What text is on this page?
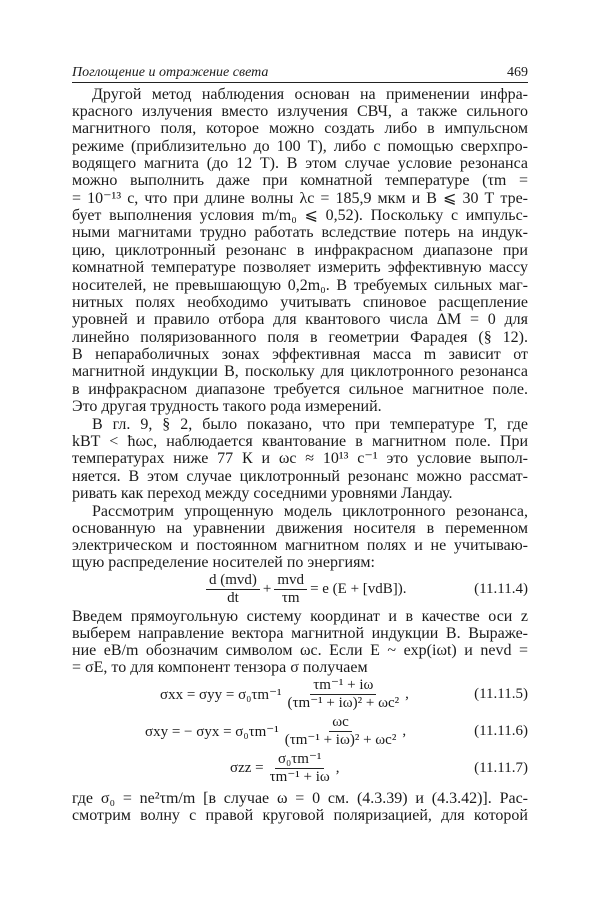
Поглощение и отражение света	469
Другой метод наблюдения основан на применении инфра-
красного излучения вместо излучения СВЧ, а также сильного
магнитного поля, которое можно создать либо в импульсном
режиме (приблизительно до 100 Т), либо с помощью сверхпро-
водящего магнита (до 12 Т). В этом случае условие резонанса
можно выполнить даже при комнатной температуре (τm =
= 10⁻¹³ с, что при длине волны λc = 185,9 мкм и B ⩽ 30 Т тре-
бует выполнения условия m/m₀ ⩽ 0,52). Поскольку с импульс-
ными магнитами трудно работать вследствие потерь на индук-
цию, циклотронный резонанс в инфракрасном диапазоне при
комнатной температуре позволяет измерить эффективную массу
носителей, не превышающую 0,2m₀. В требуемых сильных маг-
нитных полях необходимо учитывать спиновое расщепление
уровней и правило отбора для квантового числа ΔM = 0 для
линейно поляризованного поля в геометрии Фарадея (§ 12).
В непараболичных зонах эффективная масса m зависит от
магнитной индукции B, поскольку для циклотронного резонанса
в инфракрасном диапазоне требуется сильное магнитное поле.
Это другая трудность такого рода измерений.
В гл. 9, § 2, было показано, что при температуре T, где
kBT < ħωc, наблюдается квантование в магнитном поле. При
температурах ниже 77 К и ωc ≈ 10¹³ с⁻¹ это условие выпол-
няется. В этом случае циклотронный резонанс можно рассмат-
ривать как переход между соседними уровнями Ландау.
Рассмотрим упрощенную модель циклотронного резонанса,
основанную на уравнении движения носителя в переменном
электрическом и постоянном магнитном полях и не учитываю-
щую распределение носителей по энергиям:
Введем прямоугольную систему координат и в качестве оси z
выберем направление вектора магнитной индукции B. Выраже-
ние eB/m обозначим символом ωc. Если E ~ exp(iωt) и nevd =
= σE, то для компонент тензора σ получаем
где σ₀ = ne²τm/m [в случае ω = 0 см. (4.3.39) и (4.3.42)]. Рас-
смотрим волну с правой круговой поляризацией, для которой
$\frac{\text{d (mvd)}}{dt} + \frac{\text{mvd}}{\tau m} = e$ (E + [vdB]).	(11.11.4)
$\sigma xx = \sigma yy = \sigma_0\tau m^{-1} \frac{\text{τm⁻¹ + iω}}{\text{(τm⁻¹ + iω)² + ωc²}}$ ,	(11.11.5)
σxy = − $\sigma yx = \sigma_0\tau m^{-1} \frac{\omega c}{\text{(τm⁻¹ + iω)² + ωc²}}$ ,	(11.11.6)
$\sigma zz = \frac{\text{σ₀τm⁻¹}}{\text{τm⁻¹ + iω}}$ ,	(11.11.7)
